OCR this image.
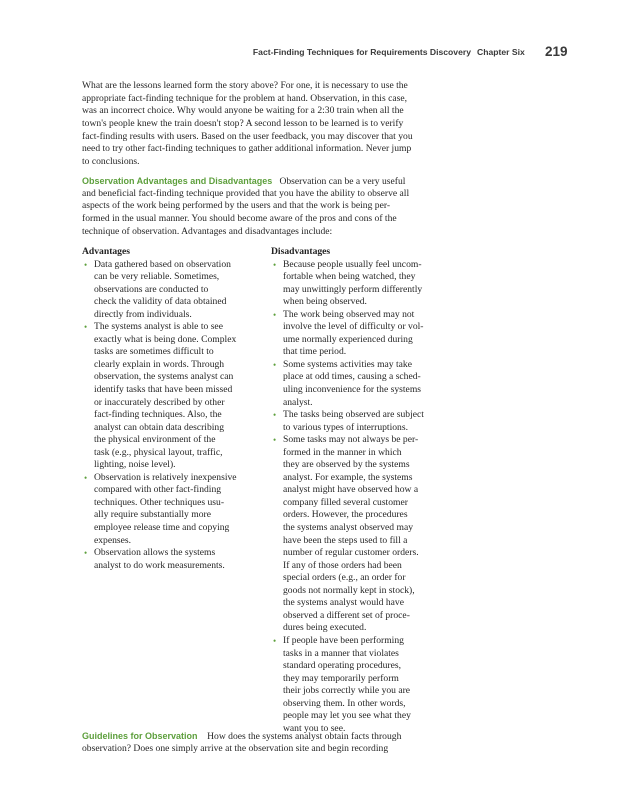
Fact-Finding Techniques for Requirements Discovery Chapter Six 219
What are the lessons learned form the story above? For one, it is necessary to use the
appropriate fact-finding technique for the problem at hand. Observation, in this case,
was an incorrect choice. Why would anyone be waiting for a 2:30 train when all the
town's people knew the train doesn't stop? A second lesson to be learned is to verify
fact-finding results with users. Based on the user feedback, you may discover that you
need to try other fact-finding techniques to gather additional information. Never jump
to conclusions.
Observation Advantages and Disadvantages Observation can be a very useful
and beneficial fact-finding technique provided that you have the ability to observe all
aspects of the work being performed by the users and that the work is being per-
formed in the usual manner. You should become aware of the pros and cons of the
technique of observation. Advantages and disadvantages include:
Advantages
• Data gathered based on observation
can be very reliable. Sometimes,
observations are conducted to
check the validity of data obtained
directly from individuals.
• The systems analyst is able to see
exactly what is being done. Complex
tasks are sometimes difficult to
clearly explain in words. Through
observation, the systems analyst can
identify tasks that have been missed
or inaccurately described by other
fact-finding techniques. Also, the
analyst can obtain data describing
the physical environment of the
task (e.g., physical layout, traffic,
lighting, noise level).
• Observation is relatively inexpensive
compared with other fact-finding
techniques. Other techniques usu-
ally require substantially more
employee release time and copying
expenses.
• Observation allows the systems
analyst to do work measurements.
Disadvantages
• Because people usually feel uncom-
fortable when being watched, they
may unwittingly perform differently
when being observed.
• The work being observed may not
involve the level of difficulty or vol-
ume normally experienced during
that time period.
• Some systems activities may take
place at odd times, causing a sched-
uling inconvenience for the systems
analyst.
• The tasks being observed are subject
to various types of interruptions.
• Some tasks may not always be per-
formed in the manner in which
they are observed by the systems
analyst. For example, the systems
analyst might have observed how a
company filled several customer
orders. However, the procedures
the systems analyst observed may
have been the steps used to fill a
number of regular customer orders.
If any of those orders had been
special orders (e.g., an order for
goods not normally kept in stock),
the systems analyst would have
observed a different set of proce-
dures being executed.
• If people have been performing
tasks in a manner that violates
standard operating procedures,
they may temporarily perform
their jobs correctly while you are
observing them. In other words,
people may let you see what they
want you to see.
Guidelines for Observation How does the systems analyst obtain facts through
observation? Does one simply arrive at the observation site and begin recording
